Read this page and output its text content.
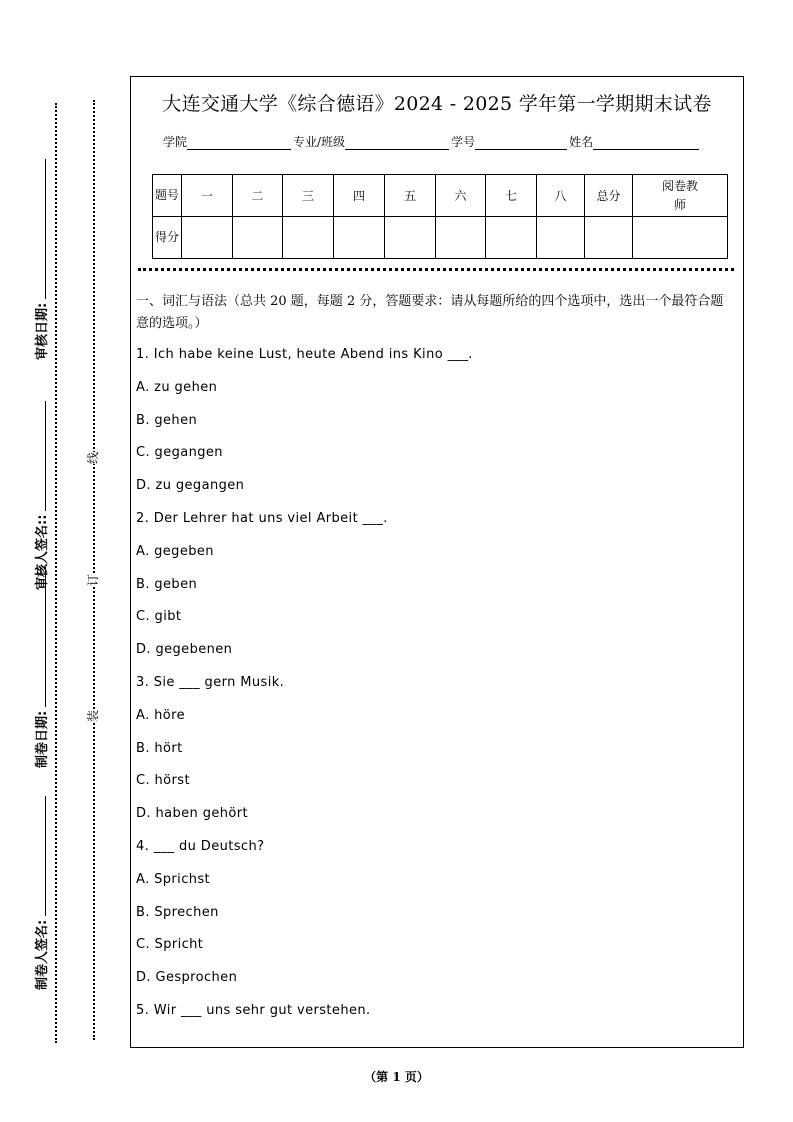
制卷人签名:
制卷日期:
审核人签名::
审核日期:
装
订
线
大连交通大学《综合德语》2024 - 2025 学年第一学期期末试卷
学院	专业/班级	学号	姓名
题号	一	二	三	四	五	六	七	八	总分	阅卷教师
得分										

一、词汇与语法（总共 20 题，每题 2 分，答题要求：请从每题所给的四个选项中，选出一个最符合题意的选项。）

1. Ich habe keine Lust, heute Abend ins Kino ___.
A. zu gehen
B. gehen
C. gegangen
D. zu gegangen
2. Der Lehrer hat uns viel Arbeit ___.
A. gegeben
B. geben
C. gibt
D. gegebenen
3. Sie ___ gern Musik.
A. höre
B. hört
C. hörst
D. haben gehört
4. ___ du Deutsch?
A. Sprichst
B. Sprechen
C. Spricht
D. Gesprochen
5. Wir ___ uns sehr gut verstehen.
（第 1 页）
